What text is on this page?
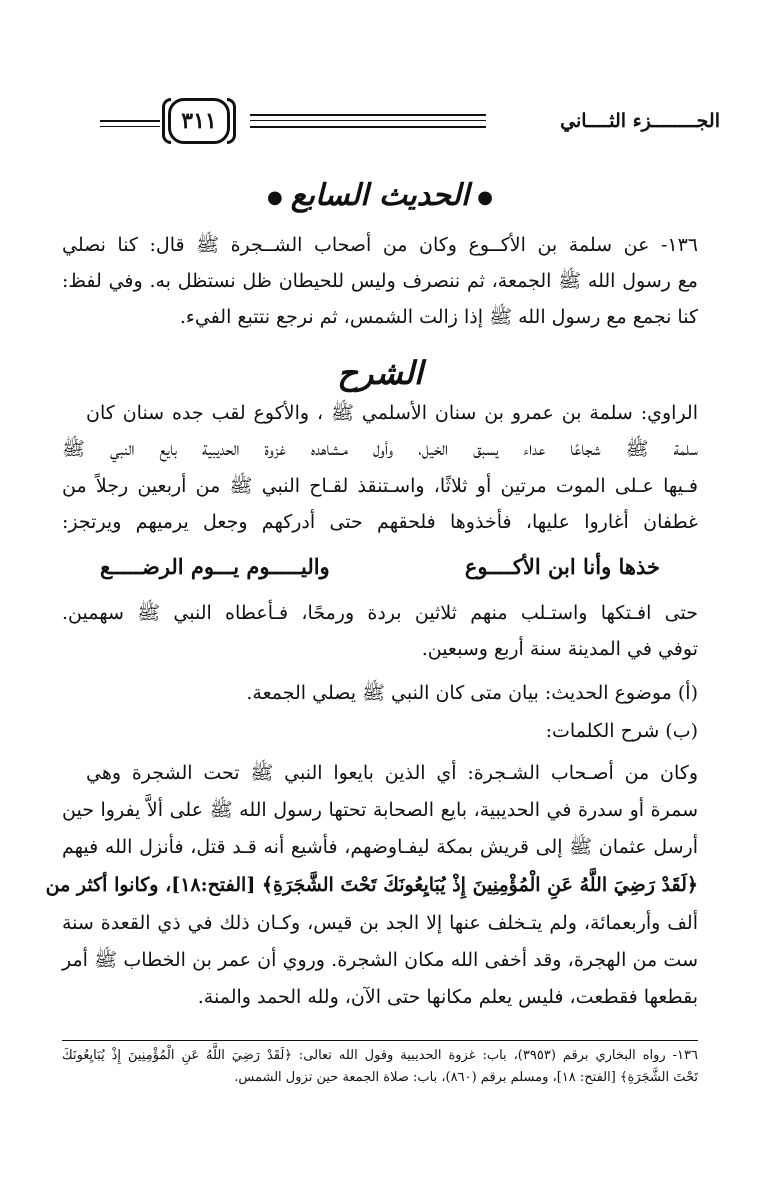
٣١١	الجــــــــزء الثــــاني
●الحديث السابع●
١٣٦- عن سلمة بن الأكــوع وكان من أصحاب الشــجرة ﷺ قال: كنا نصلي
مع رسول الله ﷺ الجمعة، ثم ننصرف وليس للحيطان ظل نستظل به. وفي لفظ:
كنا نجمع مع رسول الله ﷺ إذا زالت الشمس، ثم نرجع نتتبع الفيء.
الشرح
الراوي: سلمة بن عمرو بن سنان الأسلمي ﷺ ، والأكوع لقب جده سنان كان
سلمة ﷺ شجاعًا عداء يسبق الخيل، وأول مـشاهده غزوة الحديبية بايع النبي ﷺ
فـيها عـلى الموت مرتين أو ثلاثًا، واسـتنقذ لقـاح النبي ﷺ من أربعين رجلاً من
غطفان أغاروا عليها، فأخذوها فلحقهم حتى أدركهم وجعل يرميهم ويرتجز:
خذها وأنا ابن الأكــــوع
واليـــــوم يـــوم الرضـــــع
حتى افـتكها واستـلب منهم ثلاثين بردة ورمحًا، فـأعطاه النبي ﷺ سهمين.
توفي في المدينة سنة أربع وسبعين.
(أ) موضوع الحديث: بيان متى كان النبي ﷺ يصلي الجمعة.
(ب) شرح الكلمات:
وكان من أصـحاب الشـجرة: أي الذين بايعوا النبي ﷺ تحت الشجرة وهي
سمرة أو سدرة في الحديبية، بايع الصحابة تحتها رسول الله ﷺ على ألاَّ يفروا حين
أرسل عثمان ﷺ إلى قريش بمكة ليفـاوضهم، فأشيع أنه قـد قتل، فأنزل الله فيهم
﴿لَقَدْ رَضِيَ اللَّهُ عَنِ الْمُؤْمِنِينَ إِذْ يُبَايِعُونَكَ تَحْتَ الشَّجَرَةِ﴾ [الفتح:١٨]، وكانوا أكثر من
ألف وأربعمائة، ولم يتـخلف عنها إلا الجد بن قيس، وكـان ذلك في ذي القعدة سنة
ست من الهجرة، وقد أخفى الله مكان الشجرة. وروي أن عمر بن الخطاب ﷺ أمر
بقطعها فقطعت، فليس يعلم مكانها حتى الآن، ولله الحمد والمنة.
١٣٦- رواه البخاري برقم (٣٩٥٣)، باب: غزوة الحديبية وقول الله تعالى: ﴿لَقَدْ رَضِيَ اللَّهُ عَنِ الْمُؤْمِنِينَ إِذْ يُبَايِعُونَكَ
تَحْتَ الشَّجَرَةِ﴾ [الفتح: ١٨]، ومسلم برقم (٨٦٠)، باب: صلاة الجمعة حين تزول الشمس.
